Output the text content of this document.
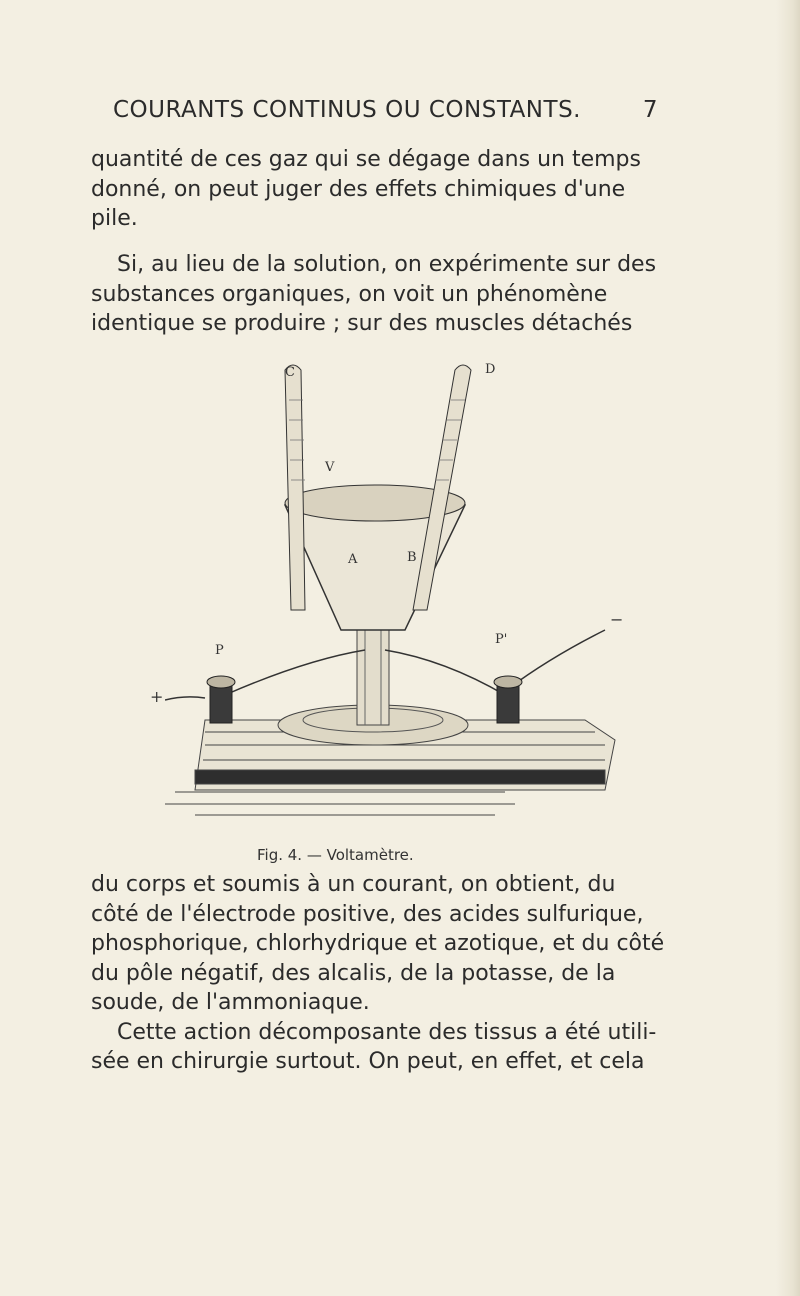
COURANTS CONTINUS OU CONSTANTS.	7

quantité de ces gaz qui se dégage dans un temps
donné, on peut juger des effets chimiques d'une
pile.

Si, au lieu de la solution, on expérimente sur des
substances organiques, on voit un phénomène
identique se produire ; sur des muscles détachés

C	D
V
A	B
P
P'
+
−
Fig. 4. — Voltamètre.

du corps et soumis à un courant, on obtient, du
côté de l'électrode positive, des acides sulfurique,
phosphorique, chlorhydrique et azotique, et du côté
du pôle négatif, des alcalis, de la potasse, de la
soude, de l'ammoniaque.
Cette action décomposante des tissus a été utili-
sée en chirurgie surtout. On peut, en effet, et cela
